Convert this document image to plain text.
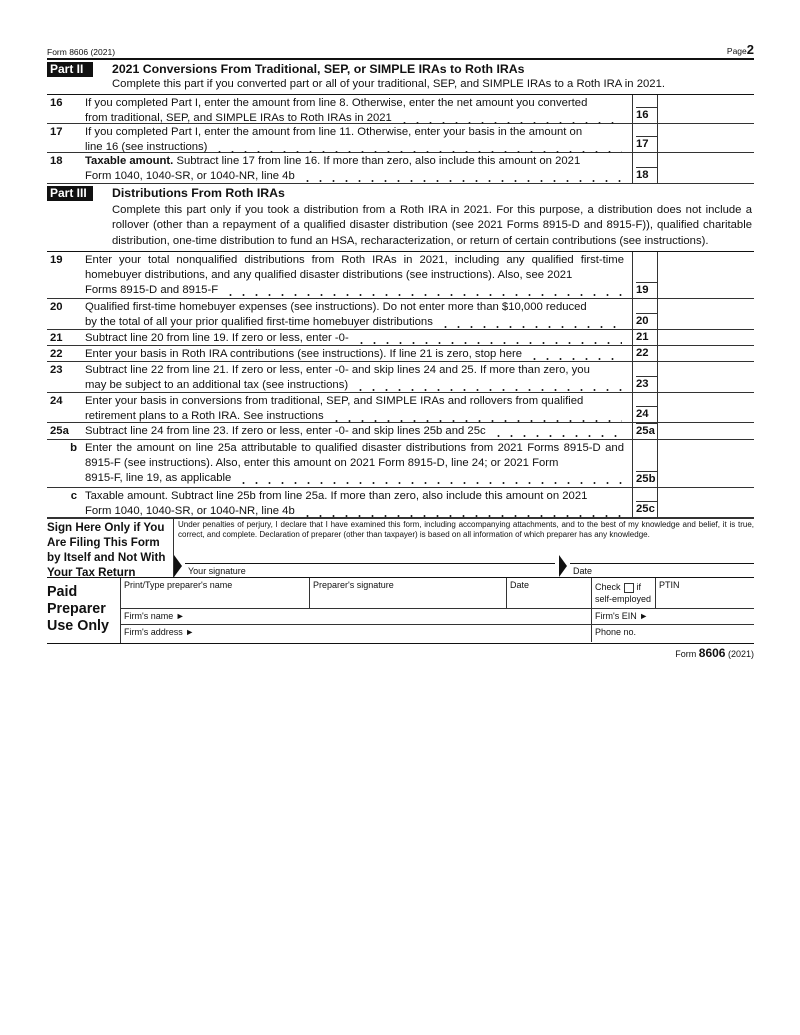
Form 8606 (2021)	Page2
Part II	2021 Conversions From Traditional, SEP, or SIMPLE IRAs to Roth IRAs
Complete this part if you converted part or all of your traditional, SEP, and SIMPLE IRAs to a Roth IRA in 2021.
16	If you completed Part I, enter the amount from line 8. Otherwise, enter the net amount you converted
from traditional, SEP, and SIMPLE IRAs to Roth IRAs in 2021	16
17	If you completed Part I, enter the amount from line 11. Otherwise, enter your basis in the amount on
line 16 (see instructions)	17
18	Taxable amount. Subtract line 17 from line 16. If more than zero, also include this amount on 2021
Form 1040, 1040-SR, or 1040-NR, line 4b	18
Part III	Distributions From Roth IRAs
Complete this part only if you took a distribution from a Roth IRA in 2021. For this purpose, a distribution does not include a rollover (other than a repayment of a qualified disaster distribution (see 2021 Forms 8915-D and 8915-F)), qualified charitable distribution, one-time distribution to fund an HSA, recharacterization, or return of certain contributions (see instructions).
19	Enter your total nonqualified distributions from Roth IRAs in 2021, including any qualified first-time homebuyer distributions, and any qualified disaster distributions (see instructions). Also, see 2021
Forms 8915-D and 8915-F	19
20	Qualified first-time homebuyer expenses (see instructions). Do not enter more than $10,000 reduced
by the total of all your prior qualified first-time homebuyer distributions	20
21	Subtract line 20 from line 19. If zero or less, enter -0-	21
22	Enter your basis in Roth IRA contributions (see instructions). If line 21 is zero, stop here	22
23	Subtract line 22 from line 21. If zero or less, enter -0- and skip lines 24 and 25. If more than zero, you
may be subject to an additional tax (see instructions)	23
24	Enter your basis in conversions from traditional, SEP, and SIMPLE IRAs and rollovers from qualified
retirement plans to a Roth IRA. See instructions	24
25a	Subtract line 24 from line 23. If zero or less, enter -0- and skip lines 25b and 25c	25a
b Enter the amount on line 25a attributable to qualified disaster distributions from 2021 Forms 8915-D and 8915-F (see instructions). Also, enter this amount on 2021 Form 8915-D, line 24; or 2021 Form
8915-F, line 19, as applicable	25b
c Taxable amount. Subtract line 25b from line 25a. If more than zero, also include this amount on 2021
Form 1040, 1040-SR, or 1040-NR, line 4b	25c
Sign Here Only if You Are Filing This Form by Itself and Not With Your Tax Return
Under penalties of perjury, I declare that I have examined this form, including accompanying attachments, and to the best of my knowledge and belief, it is true, correct, and complete. Declaration of preparer (other than taxpayer) is based on all information of which preparer has any knowledge.
Your signature	Date
Paid Preparer Use Only
Print/Type preparer's name	Preparer's signature	Date	Check if
self-employed
PTIN
Firm's name ►	Firm's EIN ►
Firm's address ►	Phone no.
Form 8606 (2021)
